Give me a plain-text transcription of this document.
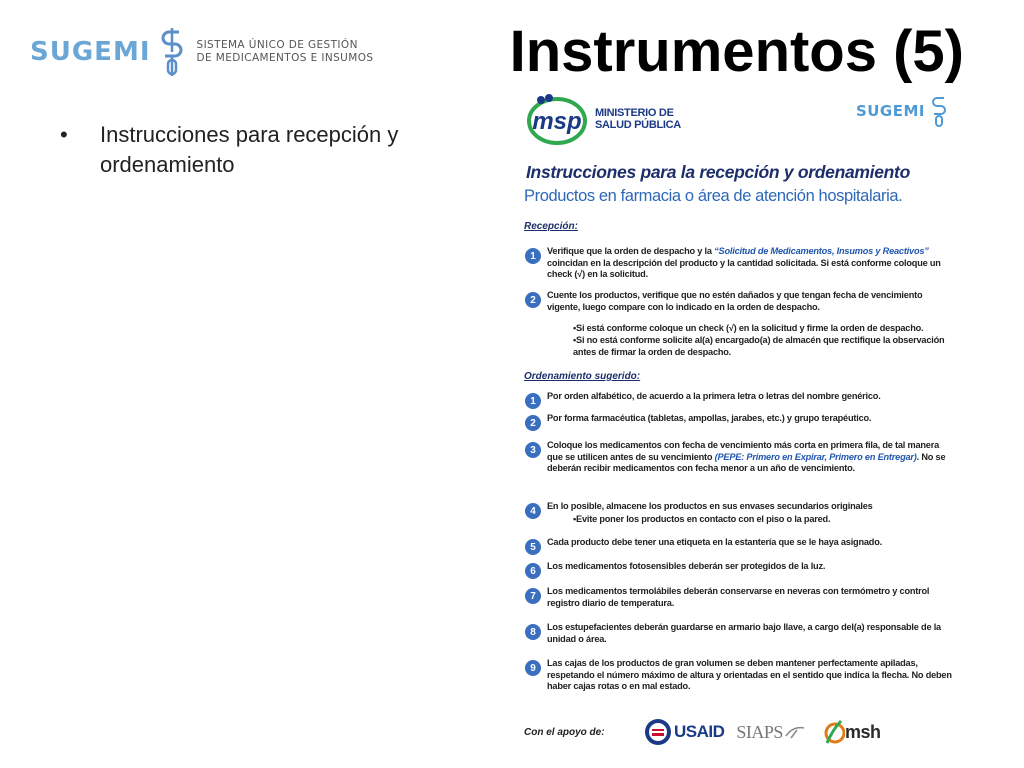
SUGEMI	SISTEMA ÚNICO DE GESTIÓN
DE MEDICAMENTOS E INSUMOS Instrumentos (5)
•	Instrucciones para recepción y ordenamiento
msp MINISTERIO DE
SALUD PÚBLICA
SUGEMI
Instrucciones para la recepción y ordenamiento
Productos en farmacia o área de atención hospitalaria.
Recepción:
1	Verifique que la orden de despacho y la “Solicitud de Medicamentos, Insumos y Reactivos” coincidan en la descripción del producto y la cantidad solicitada. Si está conforme coloque un check (√) en la solicitud.
2	Cuente los productos, verifique que no estén dañados y que tengan fecha de vencimiento vigente, luego compare con lo indicado en la orden de despacho.
•Si está conforme coloque un check (√) en la solicitud y firme la orden de despacho.
•Si no está conforme solicite al(a) encargado(a) de almacén que rectifique la observación antes de firmar la orden de despacho.
Ordenamiento sugerido:
1	Por orden alfabético, de acuerdo a la primera letra o letras del nombre genérico.
2	Por forma farmacéutica (tabletas, ampollas, jarabes, etc.) y grupo terapéutico.
3	Coloque los medicamentos con fecha de vencimiento más corta en primera fila, de tal manera que se utilicen antes de su vencimiento (PEPE: Primero en Expirar, Primero en Entregar). No se deberán recibir medicamentos con fecha menor a un año de vencimiento.
4	En lo posible, almacene los productos en sus envases secundarios originales
•Evite poner los productos en contacto con el piso o la pared.
5	Cada producto debe tener una etiqueta en la estantería que se le haya asignado.
6	Los medicamentos fotosensibles deberán ser protegidos de la luz.
7	Los medicamentos termolábiles deberán conservarse en neveras con termómetro y control registro diario de temperatura.
8	Los estupefacientes deberán guardarse en armario bajo llave, a cargo del(a) responsable de la unidad o área.
9	Las cajas de los productos de gran volumen se deben mantener perfectamente apiladas, respetando el número máximo de altura y orientadas en el sentido que indica la flecha. No deben haber cajas rotas o en mal estado.
Con el apoyo de:	USAID SIAPS	msh
